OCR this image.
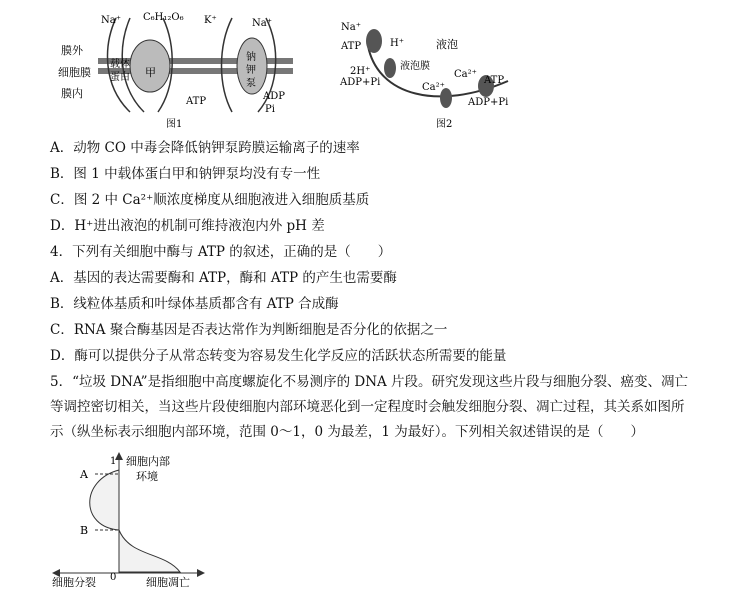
膜外
细胞膜
膜内
Na⁺ C₆H₁₂O₆ K⁺	Na⁺
载体
蛋白 甲
钠
钾
泵
ATP	ADP
Pi
图1
Na⁺
ATP	H⁺	液泡
2H⁺	液泡膜
ADP+Pi	Ca²⁺
Ca²⁺
ATP
ADP+Pi
图2
A．动物 CO 中毒会降低钠钾泵跨膜运输离子的速率
B．图 1 中载体蛋白甲和钠钾泵均没有专一性
C．图 2 中 Ca²⁺顺浓度梯度从细胞液进入细胞质基质
D．H⁺进出液泡的机制可维持液泡内外 pH 差
4．下列有关细胞中酶与 ATP 的叙述，正确的是（　　）
A．基因的表达需要酶和 ATP，酶和 ATP 的产生也需要酶
B．线粒体基质和叶绿体基质都含有 ATP 合成酶
C．RNA 聚合酶基因是否表达常作为判断细胞是否分化的依据之一
D．酶可以提供分子从常态转变为容易发生化学反应的活跃状态所需要的能量
5．“垃圾 DNA”是指细胞中高度螺旋化不易测序的 DNA 片段。研究发现这些片段与细胞分裂、癌变、凋亡等调控密切相关，当这些片段使细胞内部环境恶化到一定程度时会触发细胞分裂、凋亡过程，其关系如图所示（纵坐标表示细胞内部环境，范围 0～1，0 为最差，1 为最好）。下列相关叙述错误的是（　　）
细胞内部
环境
1
A
B
0
细胞分裂	细胞凋亡
